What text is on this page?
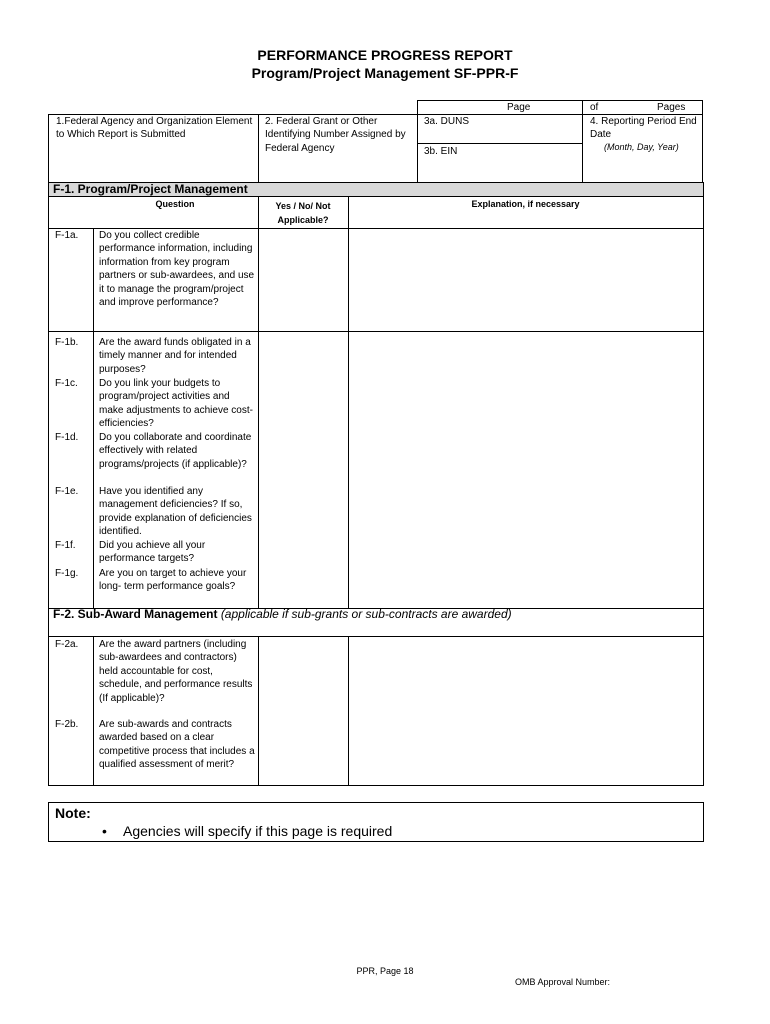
PERFORMANCE PROGRESS REPORT
Program/Project Management SF-PPR-F
Page	of	Pages
1.Federal Agency and Organization Element to Which Report is Submitted
2. Federal Grant or Other Identifying Number Assigned by Federal Agency
3a. DUNS
3b. EIN
4. Reporting Period End Date
(Month, Day, Year)
F-1. Program/Project Management
Question	Yes / No/ Not Applicable?
Explanation, if necessary
F-1a. Do you collect credible performance information, including information from key program partners or sub-awardees, and use it to manage the program/project and improve performance?
F-1b. Are the award funds obligated in a timely manner and for intended purposes?
F-1c. Do you link your budgets to program/project activities and make adjustments to achieve cost-efficiencies?
F-1d. Do you collaborate and coordinate effectively with related programs/projects (if applicable)?
F-1e. Have you identified any management deficiencies? If so, provide explanation of deficiencies identified.
F-1f. Did you achieve all your performance targets?
F-1g. Are you on target to achieve your long- term performance goals?
F-2. Sub-Award Management (applicable if sub-grants or sub-contracts are awarded)
F-2a. Are the award partners (including sub-awardees and contractors) held accountable for cost, schedule, and performance results (If applicable)?
F-2b. Are sub-awards and contracts awarded based on a clear competitive process that includes a qualified assessment of merit?
Note:
• Agencies will specify if this page is required
PPR, Page 18
OMB Approval Number:
